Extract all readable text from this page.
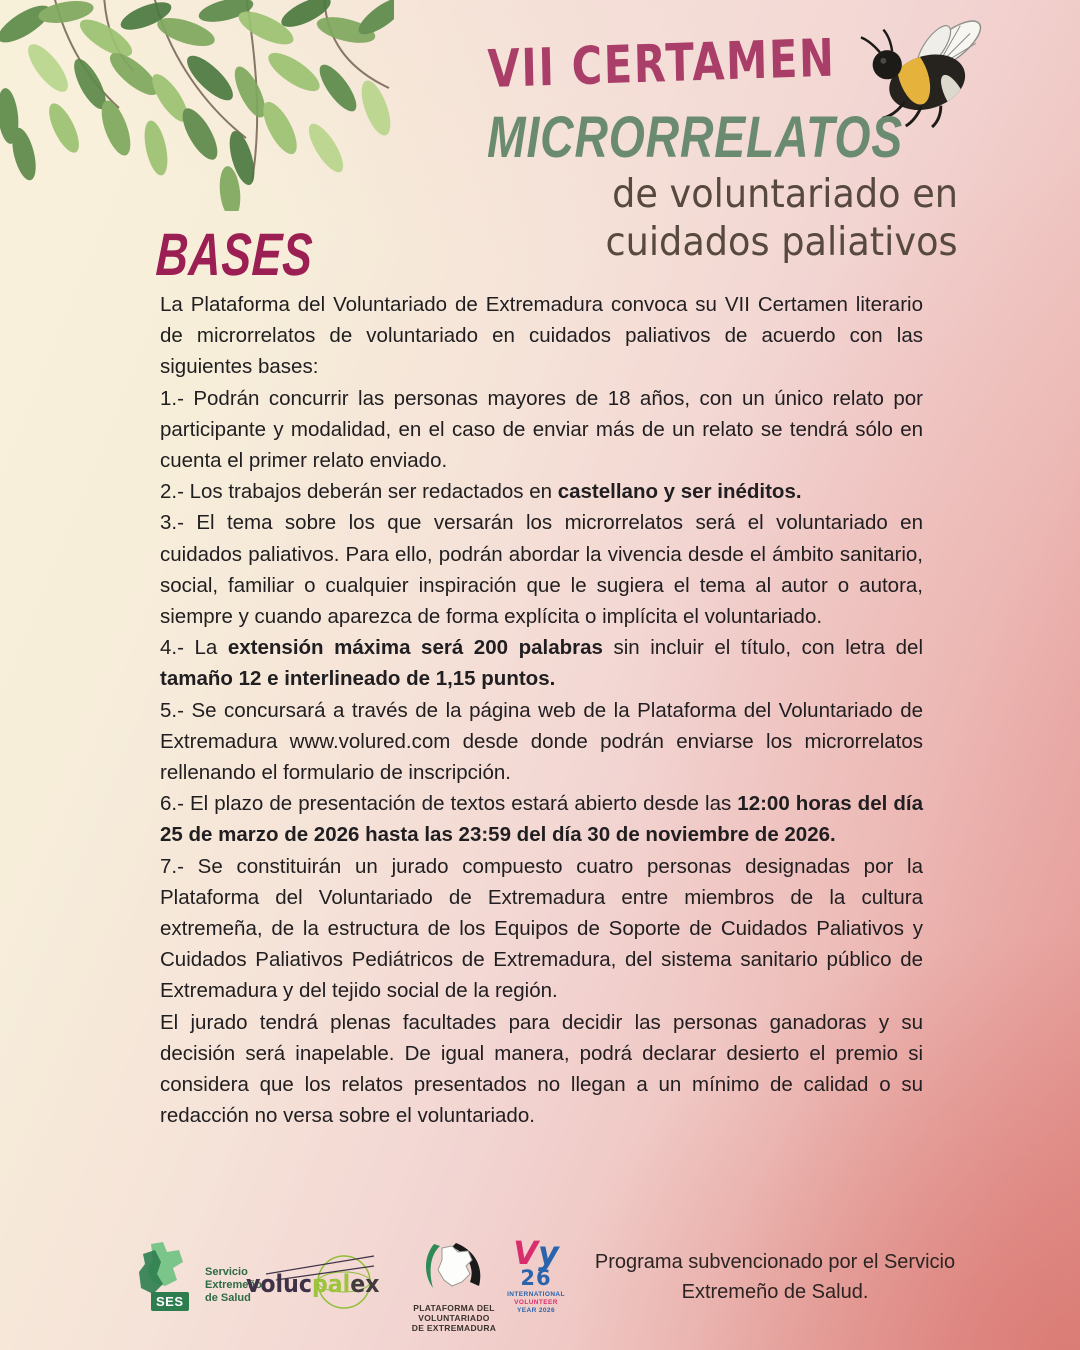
VII CERTAMEN
MICRORRELATOS
de voluntariado en
cuidados paliativos
BASES

La Plataforma del Voluntariado de Extremadura convoca su VII Certamen literario de microrrelatos de voluntariado en cuidados paliativos de acuerdo con las siguientes bases:

1.- Podrán concurrir las personas mayores de 18 años, con un único relato por participante y modalidad, en el caso de enviar más de un relato se tendrá sólo en cuenta el primer relato enviado.

2.- Los trabajos deberán ser redactados en castellano y ser inéditos.

3.- El tema sobre los que versarán los microrrelatos será el voluntariado en cuidados paliativos. Para ello, podrán abordar la vivencia desde el ámbito sanitario, social, familiar o cualquier inspiración que le sugiera el tema al autor o autora, siempre y cuando aparezca de forma explícita o implícita el voluntariado.

4.- La extensión máxima será 200 palabras sin incluir el título, con letra del tamaño 12 e interlineado de 1,15 puntos.

5.- Se concursará a través de la página web de la Plataforma del Voluntariado de Extremadura www.volured.com desde donde podrán enviarse los microrrelatos rellenando el formulario de inscripción.

6.- El plazo de presentación de textos estará abierto desde las 12:00 horas del día 25 de marzo de 2026 hasta las 23:59 del día 30 de noviembre de 2026.

7.- Se constituirán un jurado compuesto cuatro personas designadas por la Plataforma del Voluntariado de Extremadura entre miembros de la cultura extremeña, de la estructura de los Equipos de Soporte de Cuidados Paliativos y Cuidados Paliativos Pediátricos de Extremadura, del sistema sanitario público de Extremadura y del tejido social de la región.

El jurado tendrá plenas facultades para decidir las personas ganadoras y su decisión será inapelable. De igual manera, podrá declarar desierto el premio si considera que los relatos presentados no llegan a un mínimo de calidad o su redacción no versa sobre el voluntariado.

SES
Servicio
Extremeño
de Salud
volucpalex
PLATAFORMA DEL VOLUNTARIADO
DE EXTREMADURA
Vy
26
INTERNATIONAL
VOLUNTEER
YEAR 2026
Programa subvencionado por el Servicio
Extremeño de Salud.
